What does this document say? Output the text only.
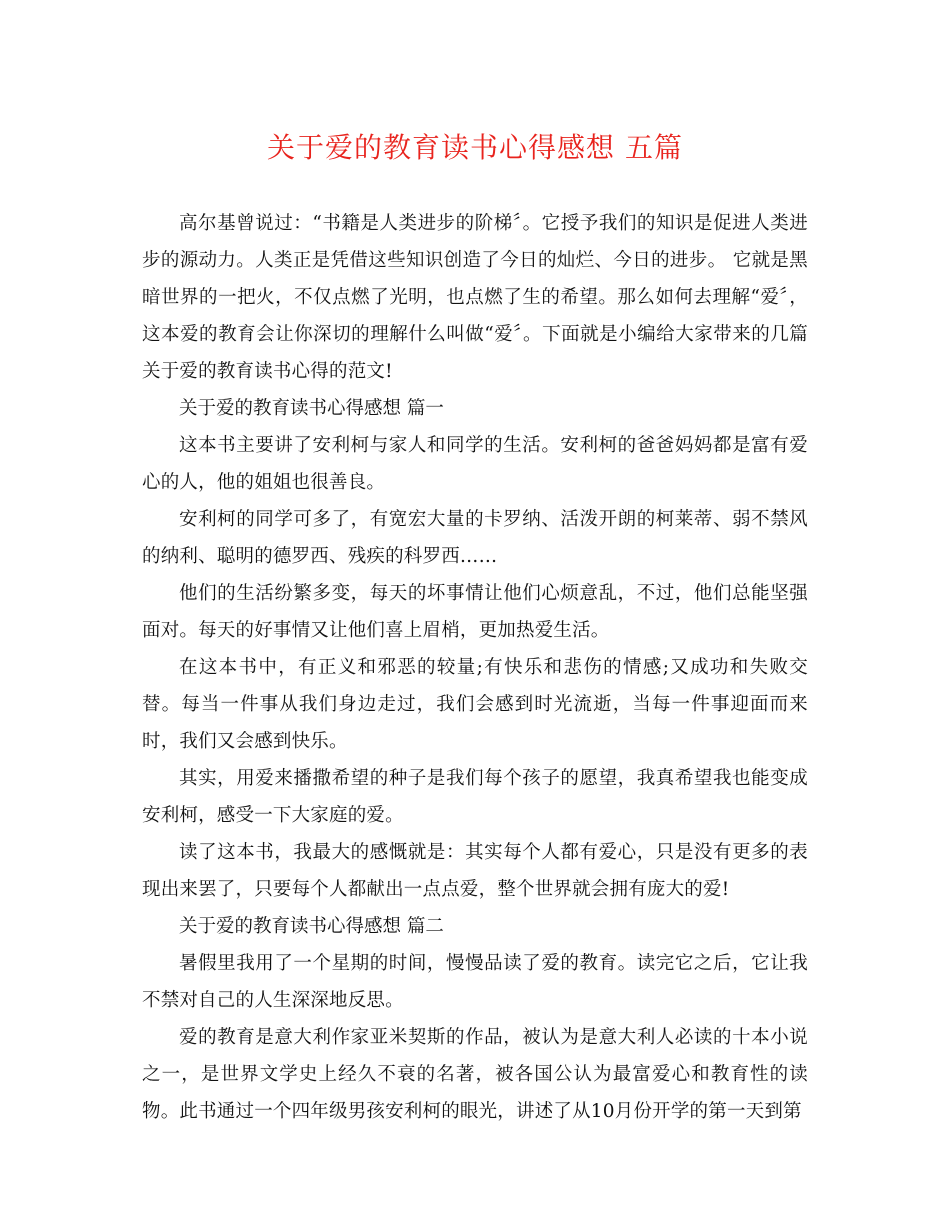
关于爱的教育读书心得感想 五篇

高尔基曾说过：“书籍是人类进步的阶梯〞。它授予我们的知识是促进人类进步的源动力。人类正是凭借这些知识创造了今日的灿烂、今日的进步。 它就是黑暗世界的一把火，不仅点燃了光明，也点燃了生的希望。那么如何去理解“爱〞，这本爱的教育会让你深切的理解什么叫做“爱〞。下面就是小编给大家带来的几篇关于爱的教育读书心得的范文!

关于爱的教育读书心得感想 篇一

这本书主要讲了安利柯与家人和同学的生活。安利柯的爸爸妈妈都是富有爱心的人，他的姐姐也很善良。

安利柯的同学可多了，有宽宏大量的卡罗纳、活泼开朗的柯莱蒂、弱不禁风的纳利、聪明的德罗西、残疾的科罗西……

他们的生活纷繁多变，每天的坏事情让他们心烦意乱，不过，他们总能坚强面对。每天的好事情又让他们喜上眉梢，更加热爱生活。

在这本书中，有正义和邪恶的较量;有快乐和悲伤的情感;又成功和失败交替。每当一件事从我们身边走过，我们会感到时光流逝，当每一件事迎面而来时，我们又会感到快乐。

其实，用爱来播撒希望的种子是我们每个孩子的愿望，我真希望我也能变成安利柯，感受一下大家庭的爱。

读了这本书，我最大的感慨就是：其实每个人都有爱心，只是没有更多的表现出来罢了，只要每个人都献出一点点爱，整个世界就会拥有庞大的爱!

关于爱的教育读书心得感想 篇二

暑假里我用了一个星期的时间，慢慢品读了爱的教育。读完它之后，它让我不禁对自己的人生深深地反思。

爱的教育是意大利作家亚米契斯的作品，被认为是意大利人必读的十本小说之一，是世界文学史上经久不衰的名著，被各国公认为最富爱心和教育性的读物。此书通过一个四年级男孩安利柯的眼光，讲述了从10月份开学的第一天到第
